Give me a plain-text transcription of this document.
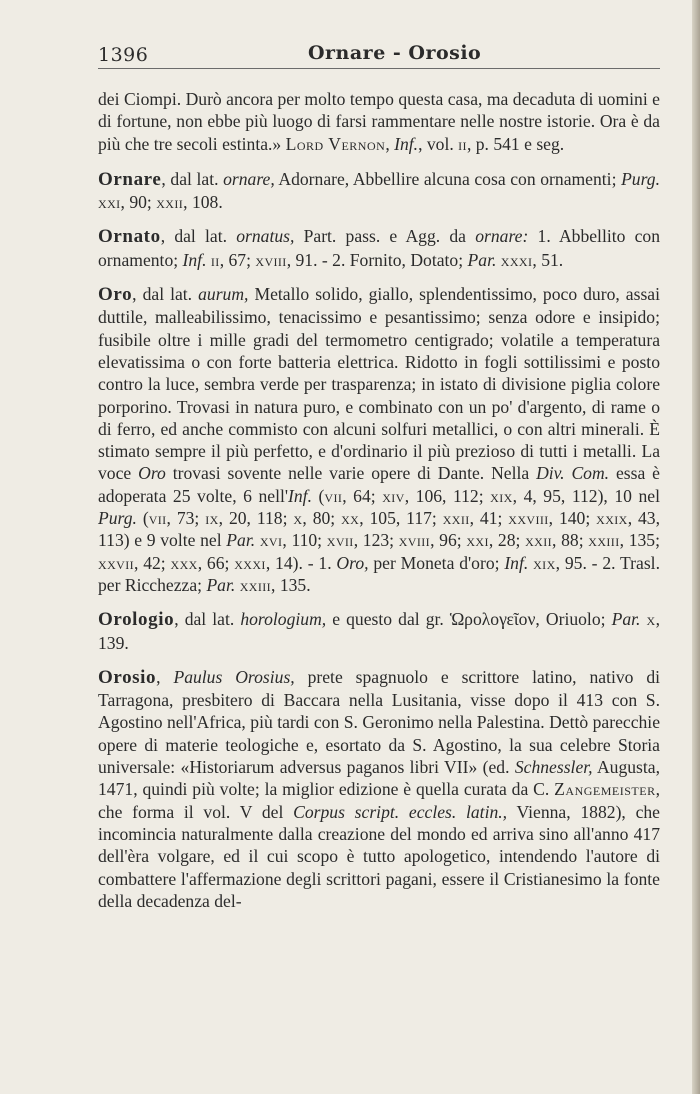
1396	Ornare - Orosio

dei Ciompi. Durò ancora per molto tempo questa casa, ma decaduta di uomini e di fortune, non ebbe più luogo di farsi rammentare nelle nostre istorie. Ora è da più che tre secoli estinta.» Lord Vernon, Inf., vol. ii, p. 541 e seg.

Ornare, dal lat. ornare, Adornare, Abbellire alcuna cosa con ornamenti; Purg. xxi, 90; xxii, 108.

Ornato, dal lat. ornatus, Part. pass. e Agg. da ornare: 1. Abbellito con ornamento; Inf. ii, 67; xviii, 91. - 2. Fornito, Dotato; Par. xxxi, 51.

Oro, dal lat. aurum, Metallo solido, giallo, splendentissimo, poco duro, assai duttile, malleabilissimo, tenacissimo e pesantissimo; senza odore e insipido; fusibile oltre i mille gradi del termometro centigrado; volatile a temperatura elevatissima o con forte batteria elettrica. Ridotto in fogli sottilissimi e posto contro la luce, sembra verde per trasparenza; in istato di divisione piglia colore porporino. Trovasi in natura puro, e combinato con un po' d'argento, di rame o di ferro, ed anche commisto con alcuni solfuri metallici, o con altri minerali. È stimato sempre il più perfetto, e d'ordinario il più prezioso di tutti i metalli. La voce Oro trovasi sovente nelle varie opere di Dante. Nella Div. Com. essa è adoperata 25 volte, 6 nell'Inf. (vii, 64; xiv, 106, 112; xix, 4, 95, 112), 10 nel Purg. (vii, 73; ix, 20, 118; x, 80; xx, 105, 117; xxii, 41; xxviii, 140; xxix, 43, 113) e 9 volte nel Par. xvi, 110; xvii, 123; xviii, 96; xxi, 28; xxii, 88; xxiii, 135; xxvii, 42; xxx, 66; xxxi, 14). - 1. Oro, per Moneta d'oro; Inf. xix, 95. - 2. Trasl. per Ricchezza; Par. xxiii, 135.

Orologio, dal lat. horologium, e questo dal gr. Ὡρολογεῖον, Oriuolo; Par. x, 139.

Orosio, Paulus Orosius, prete spagnuolo e scrittore latino, nativo di Tarragona, presbitero di Baccara nella Lusitania, visse dopo il 413 con S. Agostino nell'Africa, più tardi con S. Geronimo nella Palestina. Dettò parecchie opere di materie teologiche e, esortato da S. Agostino, la sua celebre Storia universale: «Historiarum adversus paganos libri VII» (ed. Schnessler, Augusta, 1471, quindi più volte; la miglior edizione è quella curata da C. Zangemeister, che forma il vol. V del Corpus script. eccles. latin., Vienna, 1882), che incomincia naturalmente dalla creazione del mondo ed arriva sino all'anno 417 dell'èra volgare, ed il cui scopo è tutto apologetico, intendendo l'autore di combattere l'affermazione degli scrittori pagani, essere il Cristianesimo la fonte della decadenza del-
